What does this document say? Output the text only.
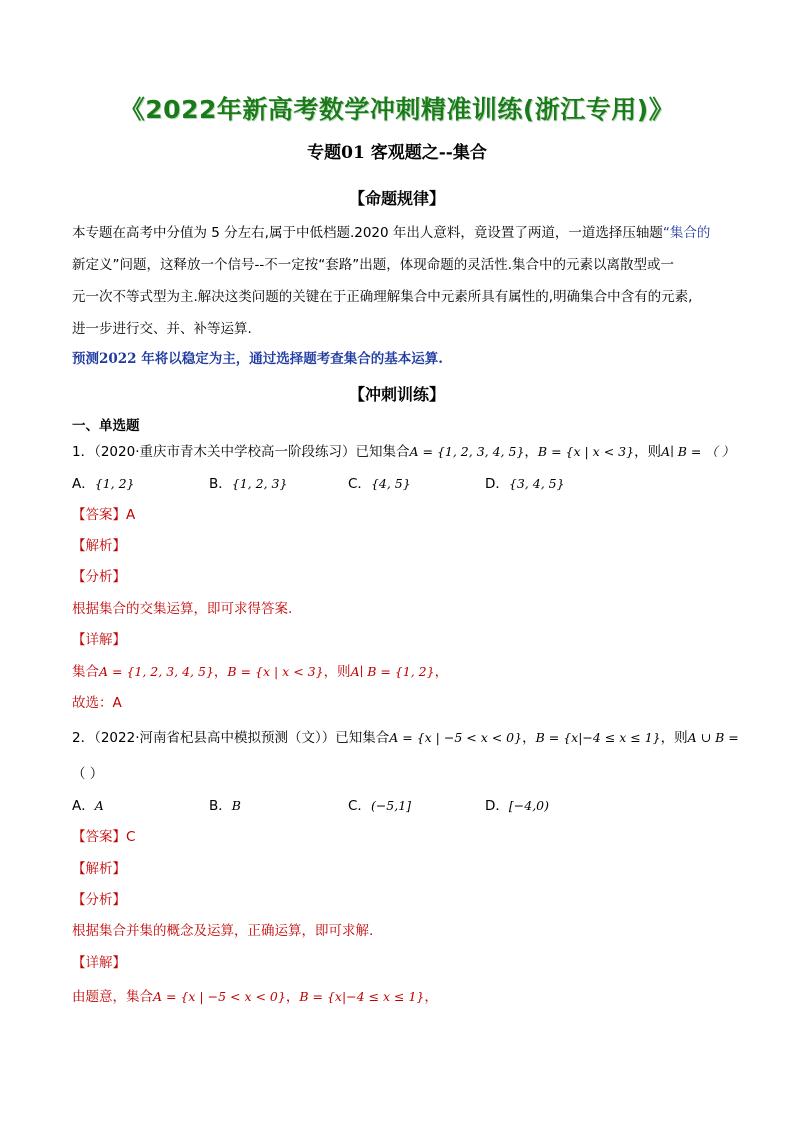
《2022年新高考数学冲刺精准训练(浙江专用)》
专题01 客观题之--集合
【命题规律】
本专题在高考中分值为 5 分左右,属于中低档题.2020 年出人意料，竟设置了两道，一道选择压轴题“集合的
新定义”问题，这释放一个信号--不一定按“套路”出题，体现命题的灵活性.集合中的元素以离散型或一
元一次不等式型为主.解决这类问题的关键在于正确理解集合中元素所具有属性的,明确集合中含有的元素,
进一步进行交、并、补等运算.
预测2022 年将以稳定为主，通过选择题考查集合的基本运算.
【冲刺训练】
一、单选题
1．（2020·重庆市青木关中学校高一阶段练习）已知集合A = {1, 2, 3, 4, 5}，B = {x | x < 3}，则A∣ B = （ ）
A．{1, 2}	B．{1, 2, 3}	C．{4, 5}	D．{3, 4, 5}
【答案】A
【解析】
【分析】
根据集合的交集运算，即可求得答案.
【详解】
集合A = {1, 2, 3, 4, 5}，B = {x | x < 3}，则A∣ B = {1, 2}，
故选：A
2．（2022·河南省杞县高中模拟预测（文））已知集合A = {x | −5 < x < 0}，B = {x|−4 ≤ x ≤ 1}，则A ∪ B =
（ ）
A．A	B．B	C．(−5,1]	D．[−4,0)
【答案】C
【解析】
【分析】
根据集合并集的概念及运算，正确运算，即可求解.
【详解】
由题意，集合A = {x | −5 < x < 0}，B = {x|−4 ≤ x ≤ 1}，
